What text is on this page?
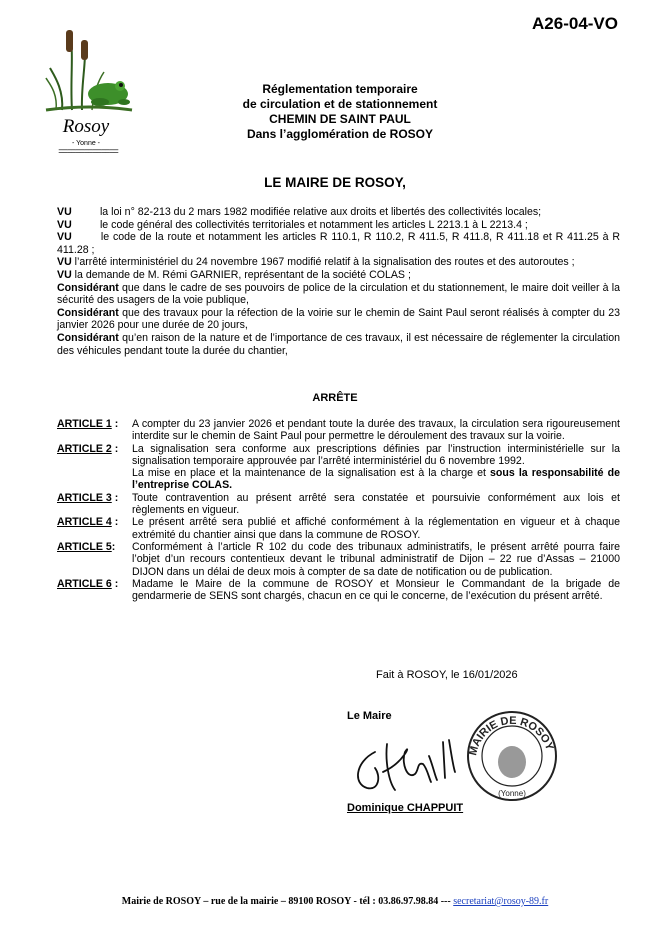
A26-04-VO
Rosoy
- Yonne -
==============
Réglementation temporaire
de circulation et de stationnement
CHEMIN DE SAINT PAUL
Dans l’agglomération de ROSOY
LE MAIRE DE ROSOY,

VU	la loi n° 82-213 du 2 mars 1982 modifiée relative aux droits et libertés des collectivités locales;

VU	le code général des collectivités territoriales et notamment les articles L 2213.1 à L 2213.4 ;

VU	le code de la route et notamment les articles R 110.1, R 110.2, R 411.5, R 411.8, R 411.18 et R 411.25 à R 411.28 ;

VU l’arrêté interministériel du 24 novembre 1967 modifié relatif à la signalisation des routes et des autoroutes ;

VU la demande de M. Rémi GARNIER, représentant de la société COLAS ;

Considérant que dans le cadre de ses pouvoirs de police de la circulation et du stationnement, le maire doit veiller à la sécurité des usagers de la voie publique,

Considérant que des travaux pour la réfection de la voirie sur le chemin de Saint Paul seront réalisés à compter du 23 janvier 2026 pour une durée de 20 jours,

Considérant qu’en raison de la nature et de l’importance de ces travaux, il est nécessaire de réglementer la circulation des véhicules pendant toute la durée du chantier,

ARRÊTE
ARTICLE 1 :	A compter du 23 janvier 2026 et pendant toute la durée des travaux, la circulation sera rigoureusement interdite sur le chemin de Saint Paul pour permettre le déroulement des travaux sur la voirie.

ARTICLE 2 :	La signalisation sera conforme aux prescriptions définies par l’instruction interministérielle sur la signalisation temporaire approuvée par l’arrêté interministériel du 6 novembre 1992.

La mise en place et la maintenance de la signalisation est à la charge et sous la responsabilité de l’entreprise COLAS.

ARTICLE 3 :	Toute contravention au présent arrêté sera constatée et poursuivie conformément aux lois et règlements en vigueur.

ARTICLE 4 :	Le présent arrêté sera publié et affiché conformément à la réglementation en vigueur et à chaque extrémité du chantier ainsi que dans la commune de ROSOY.

ARTICLE 5:	Conformément à l’article R 102 du code des tribunaux administratifs, le présent arrêté pourra faire l’objet d’un recours contentieux devant le tribunal administratif de Dijon – 22 rue d’Assas – 21000 DIJON dans un délai de deux mois à compter de sa date de notification ou de publication.

ARTICLE 6 :	Madame le Maire de la commune de ROSOY et Monsieur le Commandant de la brigade de gendarmerie de SENS sont chargés, chacun en ce qui le concerne, de l’exécution du présent arrêté.

Fait à ROSOY, le 16/01/2026
Le Maire
MAIRIE DE ROSOY
(Yonne)
Dominique CHAPPUIT
Mairie de ROSOY – rue de la mairie – 89100 ROSOY - tél : 03.86.97.98.84 --- secretariat@rosoy-89.fr
